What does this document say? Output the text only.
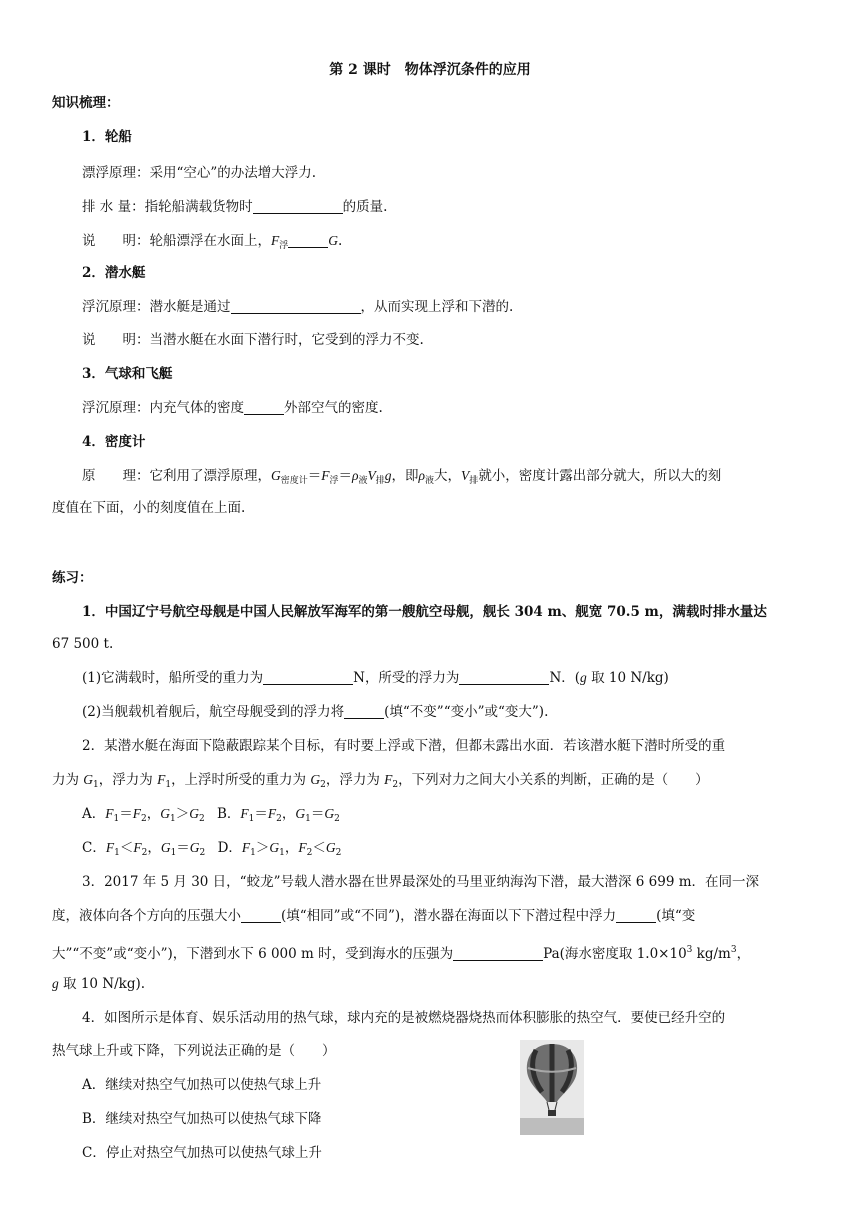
第 2 课时　物体浮沉条件的应用
知识梳理：
1．轮船
漂浮原理：采用“空心”的办法增大浮力.
排 水 量：指轮船满载货物时	的质量.
说　　明：轮船漂浮在水面上，$F_浮$	G.
2．潜水艇
浮沉原理：潜水艇是通过	，从而实现上浮和下潜的.
说　　明：当潜水艇在水面下潜行时，它受到的浮力不变.
3．气球和飞艇
浮沉原理：内充气体的密度	外部空气的密度.
4．密度计
原　　理：它利用了漂浮原理，$G_{密度计}=F_浮=\rho_液V_排g$，即$\rho_液$大，$V_排$就小，密度计露出部分就大，所以大的刻
度值在下面，小的刻度值在上面.
练习：
1．中国辽宁号航空母舰是中国人民解放军海军的第一艘航空母舰，舰长 304 m、舰宽 70.5 m，满载时排水量达
67 500 t.
(1)它满载时，船所受的重力为	N，所受的浮力为	N．(g 取 10 N/kg)
(2)当舰载机着舰后，航空母舰受到的浮力将	(填“不变”“变小”或“变大”).
2．某潜水艇在海面下隐蔽跟踪某个目标，有时要上浮或下潜，但都未露出水面．若该潜水艇下潜时所受的重
力为 $G_1$，浮力为 $F_1$，上浮时所受的重力为 $G_2$，浮力为 $F_2$，下列对力之间大小关系的判断，正确的是（　　）
A．$F_1=F_2$，$G_1>G_2$ B．$F_1=F_2$，$G_1=G_2$
C．$F_1<F_2$，$G_1=G_2$ D．$F_1>G_1$，$F_2<G_2$
3．2017 年 5 月 30 日，“蛟龙”号载人潜水器在世界最深处的马里亚纳海沟下潜，最大潜深 6 699 m．在同一深
度，液体向各个方向的压强大小	(填“相同”或“不同”)，潜水器在海面以下下潜过程中浮力	(填“变
大”“不变”或“变小”)，下潜到水下 6 000 m 时，受到海水的压强为	Pa(海水密度取 $1.0\times 10^3$ $kg/m^3$，
g 取 10 N/kg).
4．如图所示是体育、娱乐活动用的热气球，球内充的是被燃烧器烧热而体积膨胀的热空气．要使已经升空的
热气球上升或下降，下列说法正确的是（　　）
A．继续对热空气加热可以使热气球上升
B．继续对热空气加热可以使热气球下降
C．停止对热空气加热可以使热气球上升
